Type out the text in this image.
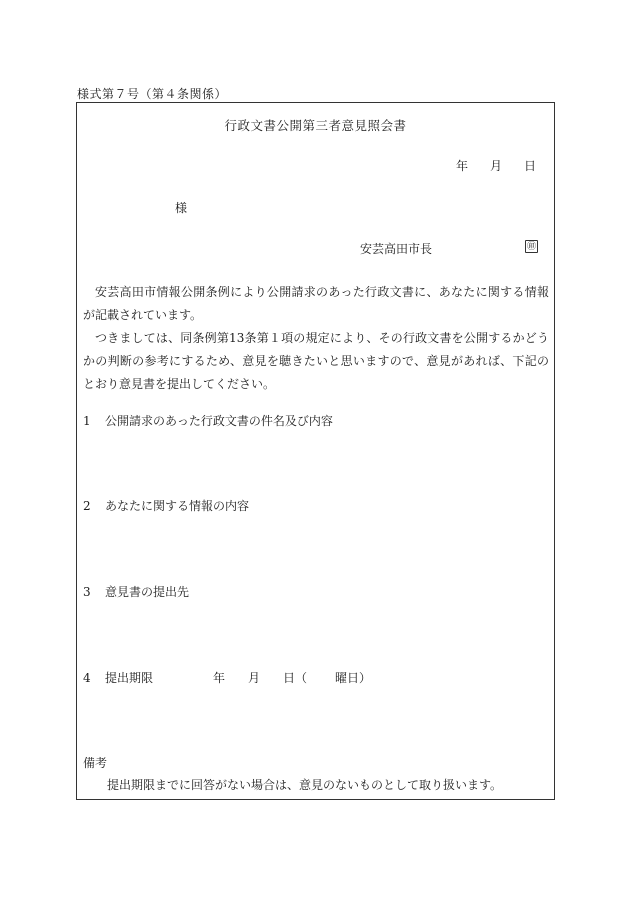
様式第７号（第４条関係）
行政文書公開第三者意見照会書
年 月 日
様
安芸高田市長	㊞

安芸高田市情報公開条例により公開請求のあった行政文書に、あなたに関する情報が記載されています。

つきましては、同条例第13条第１項の規定により、その行政文書を公開するかどうかの判断の参考にするため、意見を聴きたいと思いますので、意見があれば、下記のとおり意見書を提出してください。

1 公開請求のあった行政文書の件名及び内容
2 あなたに関する情報の内容
3 意見書の提出先
4 提出期限	年 月 日（ 曜日）
備考
提出期限までに回答がない場合は、意見のないものとして取り扱います。
